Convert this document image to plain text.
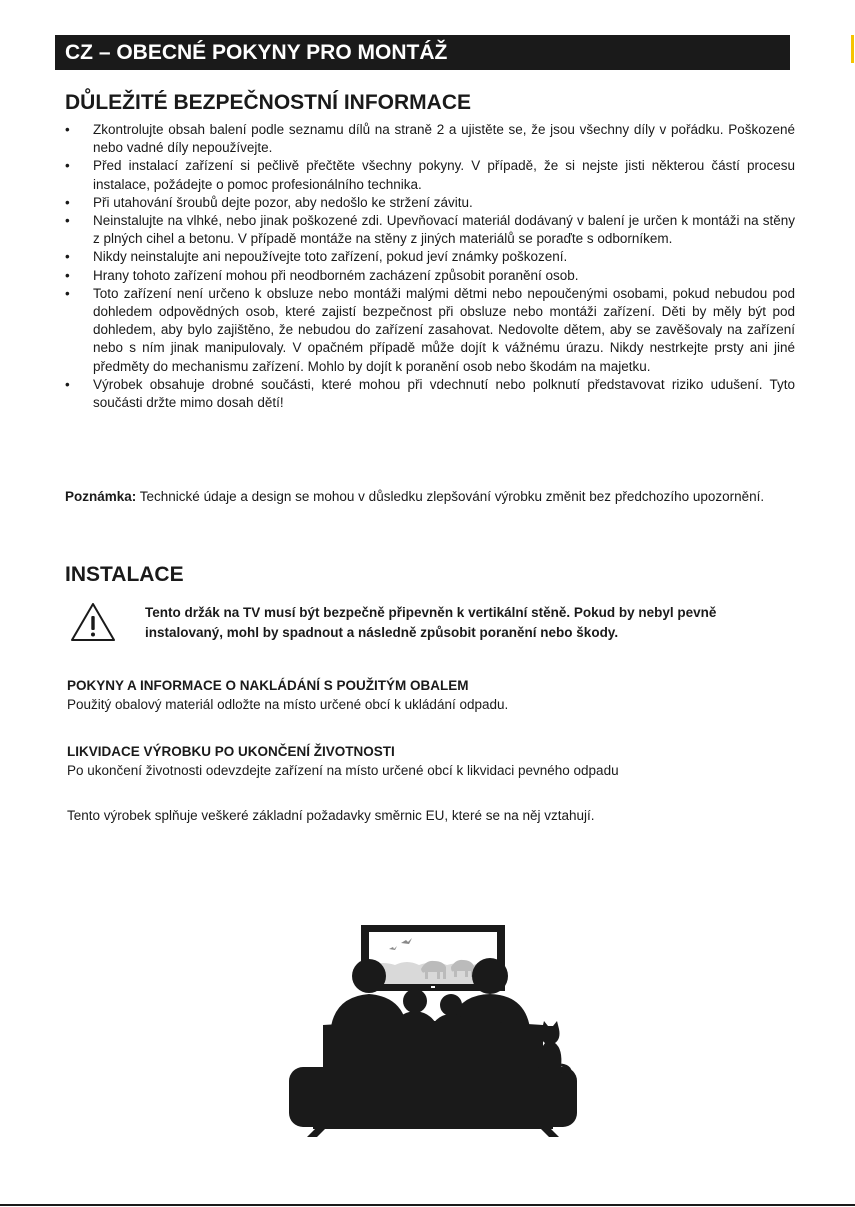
CZ – OBECNÉ POKYNY PRO MONTÁŽ
DŮLEŽITÉ BEZPEČNOSTNÍ INFORMACE
• Zkontrolujte obsah balení podle seznamu dílů na straně 2 a ujistěte se, že jsou všechny díly v pořádku. Poškozené nebo vadné díly nepoužívejte.
• Před instalací zařízení si pečlivě přečtěte všechny pokyny. V případě, že si nejste jisti některou částí procesu instalace, požádejte o pomoc profesionálního technika.
• Při utahování šroubů dejte pozor, aby nedošlo ke stržení závitu.
• Neinstalujte na vlhké, nebo jinak poškozené zdi. Upevňovací materiál dodávaný v balení je určen k montáži na stěny z plných cihel a betonu. V případě montáže na stěny z jiných materiálů se poraďte s odborníkem.
• Nikdy neinstalujte ani nepoužívejte toto zařízení, pokud jeví známky poškození.
• Hrany tohoto zařízení mohou při neodborném zacházení způsobit poranění osob.
• Toto zařízení není určeno k obsluze nebo montáži malými dětmi nebo nepoučenými osobami, pokud nebudou pod dohledem odpovědných osob, které zajistí bezpečnost při obsluze nebo montáži zařízení. Děti by měly být pod dohledem, aby bylo zajištěno, že nebudou do zařízení zasahovat. Nedovolte dětem, aby se zavěšovaly na zařízení nebo s ním jinak manipulovaly. V opačném případě může dojít k vážnému úrazu. Nikdy nestrkejte prsty ani jiné předměty do mechanismu zařízení. Mohlo by dojít k poranění osob nebo škodám na majetku.
• Výrobek obsahuje drobné součásti, které mohou při vdechnutí nebo polknutí představovat riziko udušení. Tyto součásti držte mimo dosah dětí!

Poznámka: Technické údaje a design se mohou v důsledku zlepšování výrobku změnit bez předchozího upozornění.

INSTALACE

Tento držák na TV musí být bezpečně připevněn k vertikální stěně. Pokud by nebyl pevně instalovaný, mohl by spadnout a následně způsobit poranění nebo škody.

POKYNY A INFORMACE O NAKLÁDÁNÍ S POUŽITÝM OBALEM

Použitý obalový materiál odložte na místo určené obcí k ukládání odpadu.

LIKVIDACE VÝROBKU PO UKONČENÍ ŽIVOTNOSTI

Po ukončení životnosti odevzdejte zařízení na místo určené obcí k likvidaci pevného odpadu

Tento výrobek splňuje veškeré základní požadavky směrnic EU, které se na něj vztahují.
